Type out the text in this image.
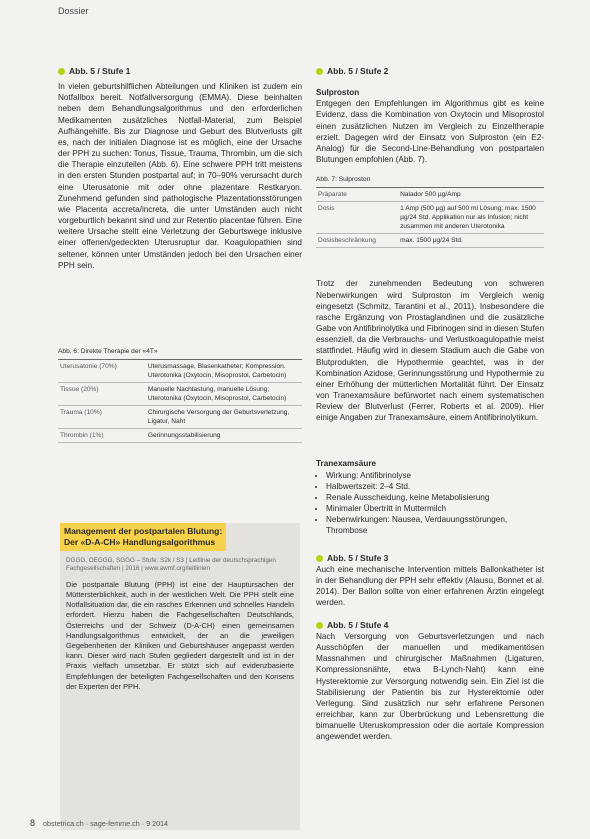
Dossier
Abb. 5 / Stufe 1

In vielen geburtshilflichen Abteilungen und Kliniken ist zudem ein Notfallbox bereit. Notfallversorgung (EMMA). Diese beinhalten neben dem Behandlungsalgorithmus und den erforderlichen Medikamenten zusätzliches Notfall-Material, zum Beispiel Aufhängehilfe. Bis zur Diagnose und Geburt des Blutverlusts gilt es, nach der initialen Diagnose ist es möglich, eine der Ursache der PPH zu suchen: Tonus, Tissue, Trauma, Thrombin, um die sich die Therapie einzuteilen (Abb. 6). Eine schwere PPH tritt meistens in den ersten Stunden postpartal auf; in 70–90% verursacht durch eine Uterusatonie mit oder ohne plazentare Restkaryon. Zunehmend gefunden sind pathologische Plazentationsstörungen wie Placenta accreta/increta, die unter Umständen auch nicht vorgeburtlich bekannt sind und zur Retentio placentae führen. Eine weitere Ursache stellt eine Verletzung der Geburtswege inklusive einer offenen/gedeckten Uterusruptur dar. Koagulopathien sind seltener, können unter Umständen jedoch bei den Ursachen einer PPH sein.

Abb. 6: Direkte Therapie der «4T»
Uterusatonie (70%)	Uterusmassage, Blasenkatheter; Kompression. Uterotonika (Oxytocin, Misoprostol, Carbetocin)
Tissue (20%)	Manuelle Nachtastung, manuelle Lösung; Uterotonika (Oxytocin, Misoprostol, Carbetocin)
Trauma (10%)	Chirurgische Versorgung der Geburtsverletzung, Ligatur, Naht
Thrombin (1%)	Gerinnungsstabilisierung
Management der postpartalen Blutung:
Der «D-A-CH» Handlungsalgorithmus
DGGG, OEGGG, SGGG – Stufe: S2k / S3 | Leitlinie der deutschsprachigen Fachgesellschaften | 2016 | www.awmf.org/leitlinien
Die postpartale Blutung (PPH) ist eine der Hauptursachen der Müttersterblichkeit, auch in der westlichen Welt. Die PPH stellt eine Notfallsituation dar, die ein rasches Erkennen und schnelles Handeln erfordert. Hierzu haben die Fachgesellschaften Deutschlands, Österreichs und der Schweiz (D-A-CH) einen gemeinsamen Handlungsalgorithmus entwickelt, der an die jeweiligen Gegebenheiten der Kliniken und Geburtshäuser angepasst werden kann. Dieser wird nach Stufen gegliedert dargestellt und ist in der Praxis vielfach umsetzbar. Er stützt sich auf evidenzbasierte Empfehlungen der beteiligten Fachgesellschaften und den Konsens der Experten der PPH.
Abb. 5 / Stufe 2
Sulproston

Entgegen den Empfehlungen im Algorithmus gibt es keine Evidenz, dass die Kombination von Oxytocin und Misoprostol einen zusätzlichen Nutzen im Vergleich zu Einzeltherapie erzielt. Dagegen wird der Einsatz von Sulproston (ein E2-Analog) für die Second-Line-Behandlung von postpartalen Blutungen empfohlen (Abb. 7).

Abb. 7: Sulproston
Präparate	Nalador 500 µg/Amp
Dosis	1 Amp (500 µg) auf 500 ml Lösung; max. 1500 µg/24 Std. Applikation nur als Infusion; nicht zusammen mit anderen Uterotonika
Dosisbeschränkung	max. 1500 µg/24 Std.

Trotz der zunehmenden Bedeutung von schweren Nebenwirkungen wird Sulproston im Vergleich wenig eingesetzt (Schmitz, Tarantini et al., 2011). Insbesondere die rasche Ergänzung von Prostaglandinen und die zusätzliche Gabe von Antifibrinolytika und Fibrinogen sind in diesen Stufen essenziell, da die Verbrauchs- und Verlustkoagulopathie meist stattfindet. Häufig wird in diesem Stadium auch die Gabe von Blutprodukten, die Hypothermie geachtet, was in der Kombination Azidose, Gerinnungsstörung und Hypothermie zu einer Erhöhung der mütterlichen Mortalität führt. Der Einsatz von Tranexamsäure befürwortet nach einem systematischen Review der Blutverlust (Ferrer, Roberts et al. 2009). Hier einige Angaben zur Tranexamsäure, einem Antifibrinolytikum.

Tranexamsäure
• Wirkung: Antifibrinolyse
• Halbwertszeit: 2–4 Std.
• Renale Ausscheidung, keine Metabolisierung
• Minimaler Übertritt in Muttermilch
• Nebenwirkungen: Nausea, Verdauungsstörungen, Thrombose
Abb. 5 / Stufe 3

Auch eine mechanische Intervention mittels Ballonkatheter ist in der Behandlung der PPH sehr effektiv (Alausu, Bonnet et al. 2014). Der Ballon sollte von einer erfahrenen Ärztin eingelegt werden.

Abb. 5 / Stufe 4

Nach Versorgung von Geburtsverletzungen und nach Ausschöpfen der manuellen und medikamentösen Massnahmen und chirurgischer Maßnahmen (Ligaturen, Kompressionsnähte, etwa B-Lynch-Naht) kann eine Hysterektomie zur Versorgung notwendig sein. Ein Ziel ist die Stabilisierung der Patientin bis zur Hysterektomie oder Verlegung. Sind zusätzlich nur sehr erfahrene Personen erreichbar, kann zur Überbrückung und Lebensrettung die bimanuelle Uteruskompression oder die aortale Kompression angewendet werden.

8 obstetrica.ch · sage-femme.ch · 9 2014
